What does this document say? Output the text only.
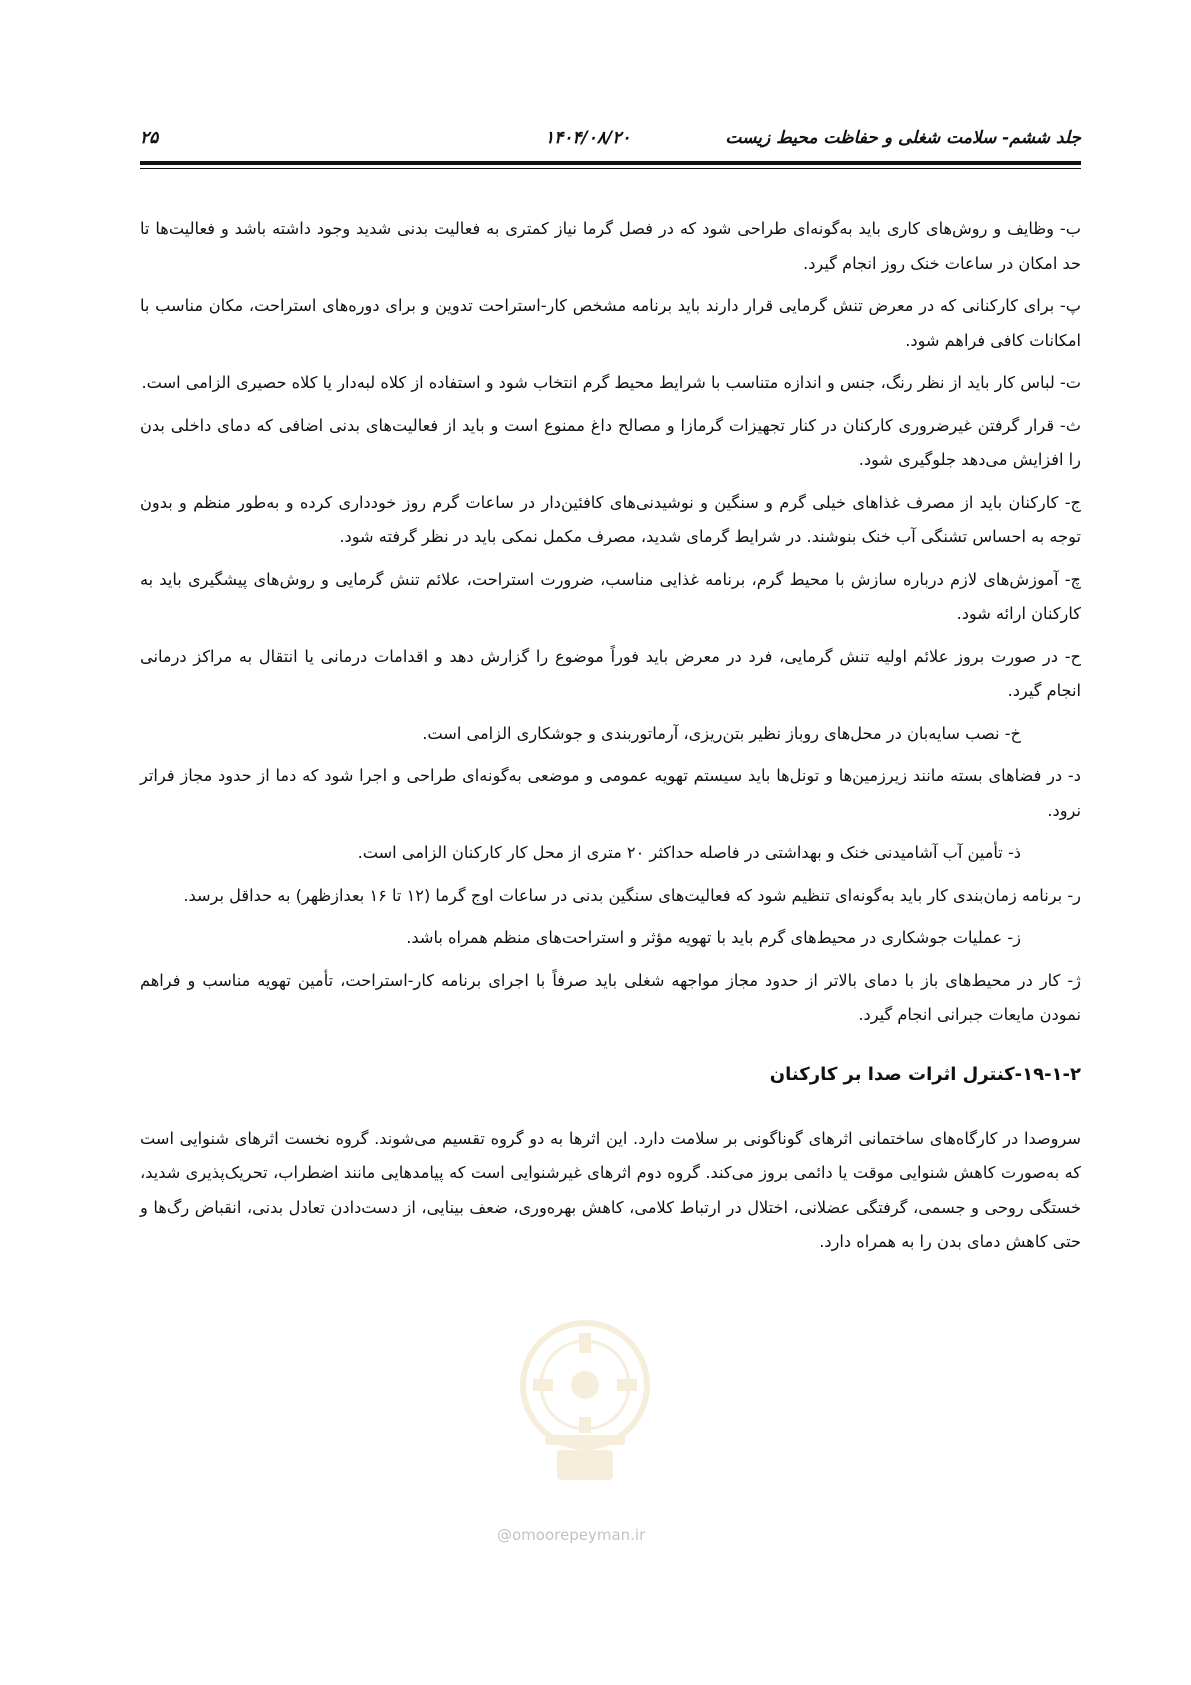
جلد ششم- سلامت شغلی و حفاظت محیط زیست
۱۴۰۴/۰۸/۲۰
۲۵

ب- وظایف و روش‌های کاری باید به‌گونه‌ای طراحی شود که در فصل گرما نیاز کمتری به فعالیت بدنی شدید وجود داشته باشد و فعالیت‌ها تا حد امکان در ساعات خنک روز انجام گیرد.

پ- برای کارکنانی که در معرض تنش گرمایی قرار دارند باید برنامه مشخص کار-استراحت تدوین و برای دوره‌های استراحت، مکان مناسب با امکانات کافی فراهم شود.

ت- لباس کار باید از نظر رنگ، جنس و اندازه متناسب با شرایط محیط گرم انتخاب شود و استفاده از کلاه لبه‌دار یا کلاه حصیری الزامی است.

ث- قرار گرفتن غیرضروری کارکنان در کنار تجهیزات گرمازا و مصالح داغ ممنوع است و باید از فعالیت‌های بدنی اضافی که دمای داخلی بدن را افزایش می‌دهد جلوگیری شود.

ج- کارکنان باید از مصرف غذاهای خیلی گرم و سنگین و نوشیدنی‌های کافئین‌دار در ساعات گرم روز خودداری کرده و به‌طور منظم و بدون توجه به احساس تشنگی آب خنک بنوشند. در شرایط گرمای شدید، مصرف مکمل نمکی باید در نظر گرفته شود.

چ- آموزش‌های لازم درباره سازش با محیط گرم، برنامه غذایی مناسب، ضرورت استراحت، علائم تنش گرمایی و روش‌های پیشگیری باید به کارکنان ارائه شود.

ح- در صورت بروز علائم اولیه تنش گرمایی، فرد در معرض باید فوراً موضوع را گزارش دهد و اقدامات درمانی یا انتقال به مراکز درمانی انجام گیرد.

خ- نصب سایه‌بان در محل‌های روباز نظیر بتن‌ریزی، آرماتوربندی و جوشکاری الزامی است.

د- در فضاهای بسته مانند زیرزمین‌ها و تونل‌ها باید سیستم تهویه عمومی و موضعی به‌گونه‌ای طراحی و اجرا شود که دما از حدود مجاز فراتر نرود.

ذ- تأمین آب آشامیدنی خنک و بهداشتی در فاصله حداکثر ۲۰ متری از محل کار کارکنان الزامی است.

ر- برنامه زمان‌بندی کار باید به‌گونه‌ای تنظیم شود که فعالیت‌های سنگین بدنی در ساعات اوج گرما (۱۲ تا ۱۶ بعدازظهر) به حداقل برسد.

ز- عملیات جوشکاری در محیط‌های گرم باید با تهویه مؤثر و استراحت‌های منظم همراه باشد.

ژ- کار در محیط‌های باز با دمای بالاتر از حدود مجاز مواجهه شغلی باید صرفاً با اجرای برنامه کار-استراحت، تأمین تهویه مناسب و فراهم نمودن مایعات جبرانی انجام گیرد.

۱۹-۱-۲-کنترل اثرات صدا بر کارکنان

سروصدا در کارگاه‌های ساختمانی اثرهای گوناگونی بر سلامت دارد. این اثرها به دو گروه تقسیم می‌شوند. گروه نخست اثرهای شنوایی است که به‌صورت کاهش شنوایی موقت یا دائمی بروز می‌کند. گروه دوم اثرهای غیرشنوایی است که پیامدهایی مانند اضطراب، تحریک‌پذیری شدید، خستگی روحی و جسمی، گرفتگی عضلانی، اختلال در ارتباط کلامی، کاهش بهره‌وری، ضعف بینایی، از دست‌دادن تعادل بدنی، انقباض رگ‌ها و حتی کاهش دمای بدن را به همراه دارد.

@omoorepeyman.ir
